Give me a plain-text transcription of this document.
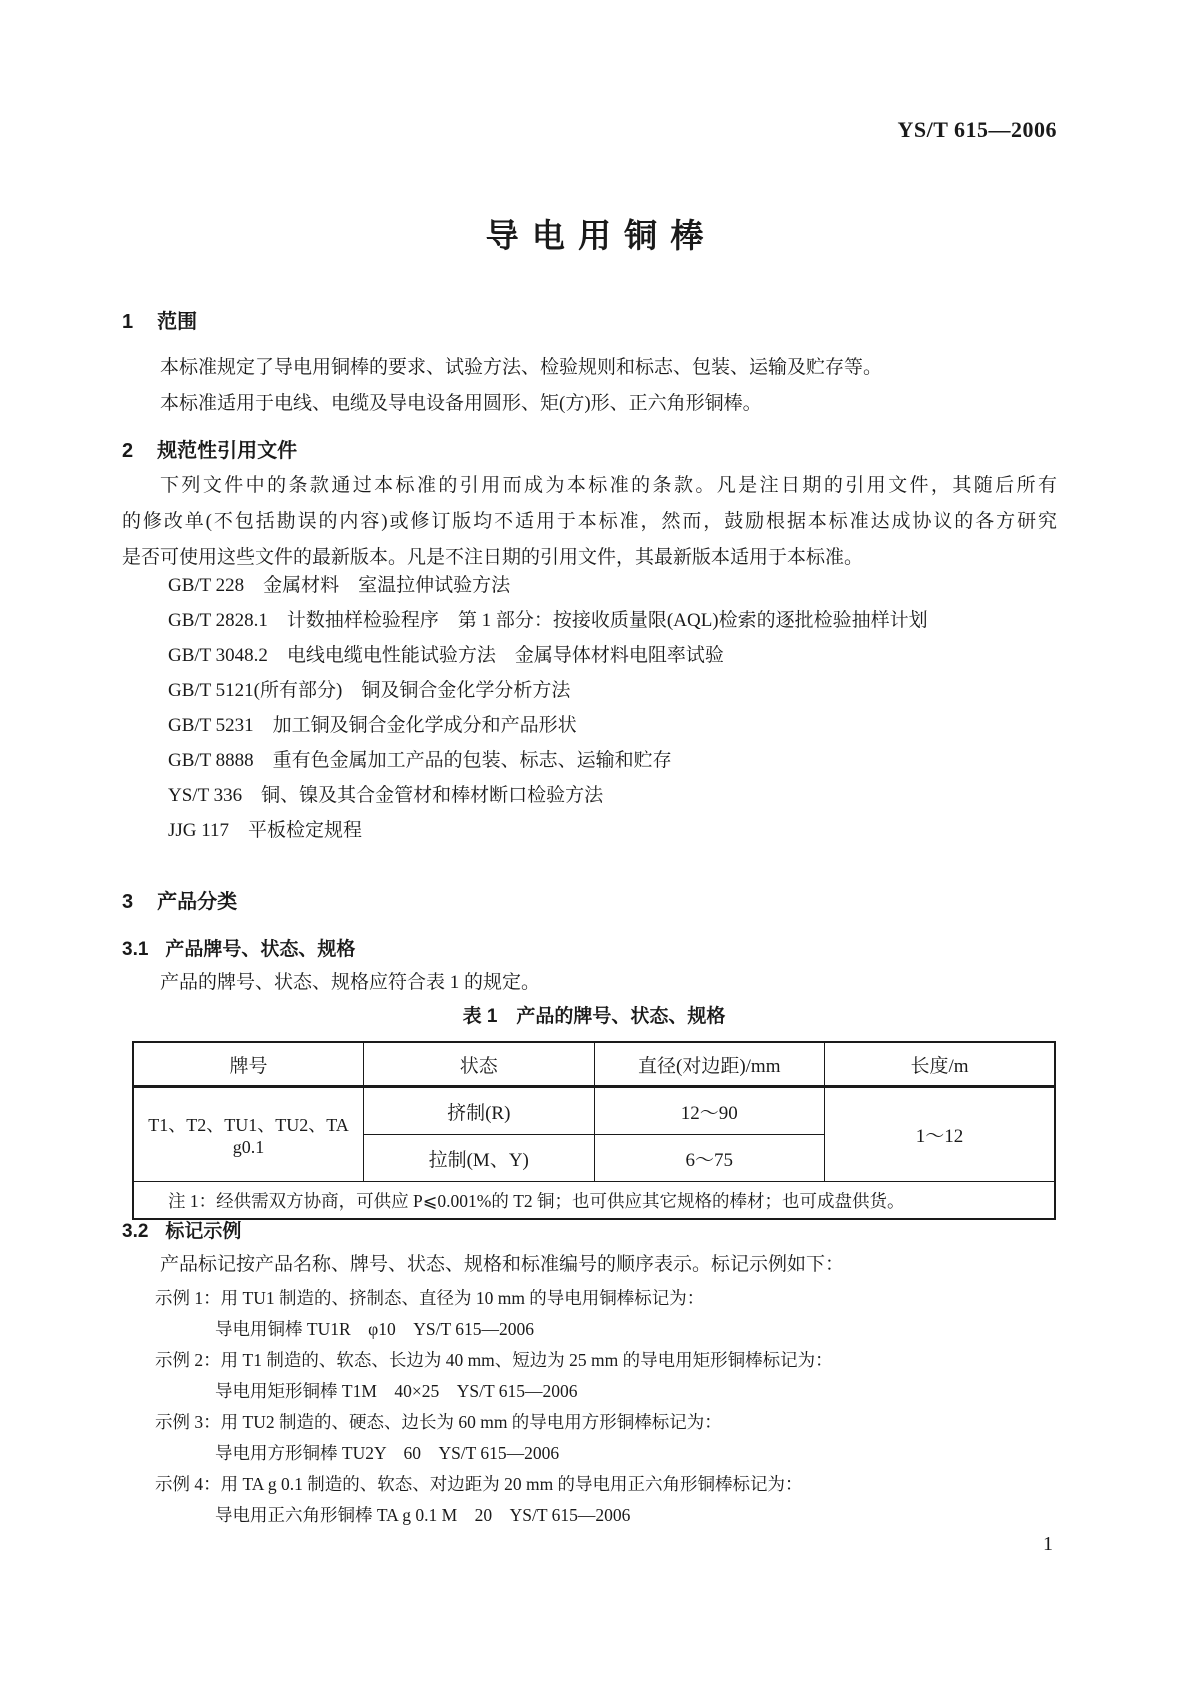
YS/T 615—2006
导 电 用 铜 棒
1 范围
本标准规定了导电用铜棒的要求、试验方法、检验规则和标志、包装、运输及贮存等。
本标准适用于电线、电缆及导电设备用圆形、矩(方)形、正六角形铜棒。
2 规范性引用文件
下列文件中的条款通过本标准的引用而成为本标准的条款。凡是注日期的引用文件，其随后所有
的修改单(不包括勘误的内容)或修订版均不适用于本标准，然而，鼓励根据本标准达成协议的各方研究
是否可使用这些文件的最新版本。凡是不注日期的引用文件，其最新版本适用于本标准。
GB/T 228　金属材料　室温拉伸试验方法
GB/T 2828.1　计数抽样检验程序　第 1 部分：按接收质量限(AQL)检索的逐批检验抽样计划
GB/T 3048.2　电线电缆电性能试验方法　金属导体材料电阻率试验
GB/T 5121(所有部分)　铜及铜合金化学分析方法
GB/T 5231　加工铜及铜合金化学成分和产品形状
GB/T 8888　重有色金属加工产品的包装、标志、运输和贮存
YS/T 336　铜、镍及其合金管材和棒材断口检验方法
JJG 117　平板检定规程
3 产品分类
3.1 产品牌号、状态、规格
产品的牌号、状态、规格应符合表 1 的规定。
表 1　产品的牌号、状态、规格
牌号	状态	直径(对边距)/mm	长度/m
T1、T2、TU1、TU2、TA g0.1	挤制(R)	12～90	1～12
	拉制(M、Y)	6～75	
注 1：经供需双方协商，可供应 P⩽0.001%的 T2 铜；也可供应其它规格的棒材；也可成盘供货。			
3.2 标记示例
产品标记按产品名称、牌号、状态、规格和标准编号的顺序表示。标记示例如下：
示例 1：用 TU1 制造的、挤制态、直径为 10 mm 的导电用铜棒标记为：
导电用铜棒 TU1R　φ10　YS/T 615—2006
示例 2：用 T1 制造的、软态、长边为 40 mm、短边为 25 mm 的导电用矩形铜棒标记为：
导电用矩形铜棒 T1M　40×25　YS/T 615—2006
示例 3：用 TU2 制造的、硬态、边长为 60 mm 的导电用方形铜棒标记为：
导电用方形铜棒 TU2Y　60　YS/T 615—2006
示例 4：用 TA g 0.1 制造的、软态、对边距为 20 mm 的导电用正六角形铜棒标记为：
导电用正六角形铜棒 TA g 0.1 M　20　YS/T 615—2006
1
